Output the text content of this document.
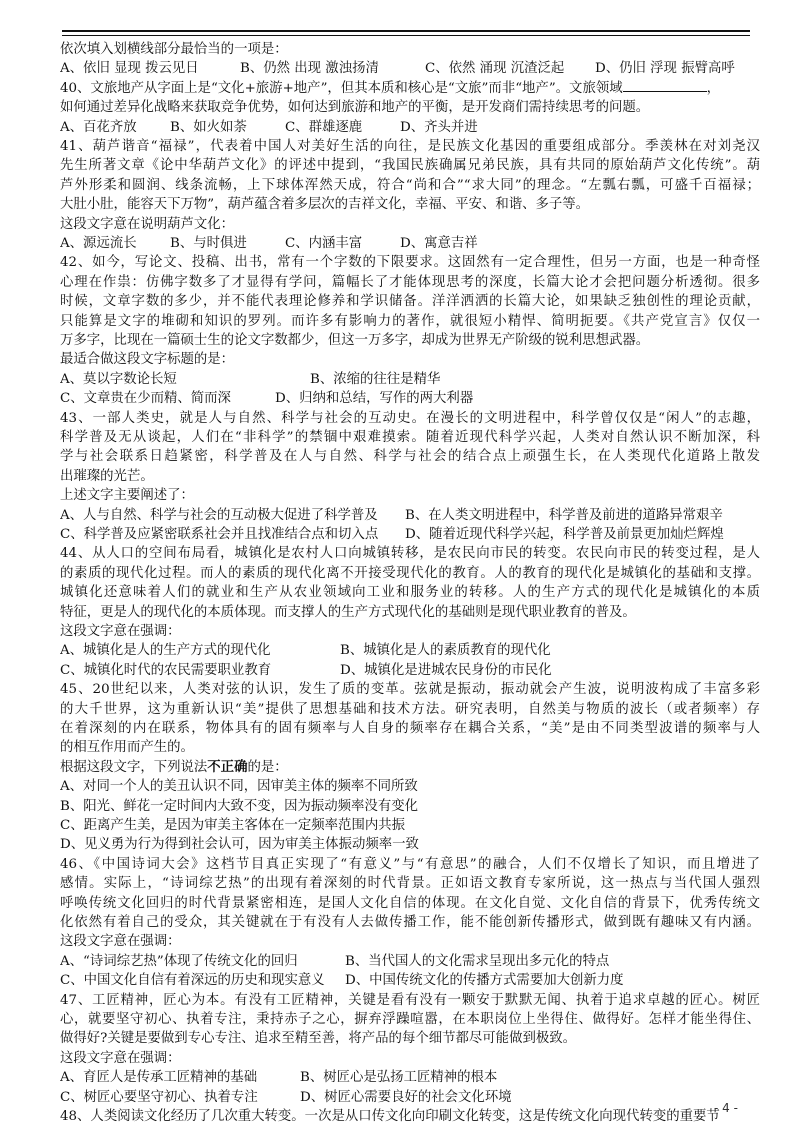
依次填入划横线部分最恰当的一项是：
A、依旧 显现 拨云见日	B、仍然 出现 激浊扬清	C、依然 涌现 沉渣泛起	D、仍旧 浮现 振臂高呼
40、文旅地产从字面上是“文化+旅游+地产”，但其本质和核心是“文旅”而非“地产”。文旅领域	，
如何通过差异化战略来获取竞争优势，如何达到旅游和地产的平衡，是开发商们需持续思考的问题。
A、百花齐放	B、如火如荼	C、群雄逐鹿	D、齐头并进
41、葫芦谐音“福禄”，代表着中国人对美好生活的向往，是民族文化基因的重要组成部分。季羡林在对刘尧汉
先生所著文章《论中华葫芦文化》的评述中提到，“我国民族确属兄弟民族，具有共同的原始葫芦文化传统”。葫
芦外形柔和圆润、线条流畅，上下球体浑然天成，符合“尚和合”“求大同”的理念。“左瓢右瓢，可盛千百福禄；
大肚小肚，能容天下万物”，葫芦蕴含着多层次的吉祥文化，幸福、平安、和谐、多子等。
这段文字意在说明葫芦文化：
A、源远流长	B、与时俱进	C、内涵丰富	D、寓意吉祥
42、如今，写论文、投稿、出书，常有一个字数的下限要求。这固然有一定合理性，但另一方面，也是一种奇怪
心理在作祟：仿佛字数多了才显得有学问，篇幅长了才能体现思考的深度，长篇大论才会把问题分析透彻。很多
时候，文章字数的多少，并不能代表理论修养和学识储备。洋洋洒洒的长篇大论，如果缺乏独创性的理论贡献，
只能算是文字的堆砌和知识的罗列。而许多有影响力的著作，就很短小精悍、简明扼要。《共产党宣言》仅仅一
万多字，比现在一篇硕士生的论文字数都少，但这一万多字，却成为世界无产阶级的锐利思想武器。
最适合做这段文字标题的是：
A、莫以字数论长短	B、浓缩的往往是精华
C、文章贵在少而精、简而深	D、归纳和总结，写作的两大利器
43、一部人类史，就是人与自然、科学与社会的互动史。在漫长的文明进程中，科学曾仅仅是“闲人”的志趣，
科学普及无从谈起，人们在“非科学”的禁锢中艰难摸索。随着近现代科学兴起，人类对自然认识不断加深，科
学与社会联系日趋紧密，科学普及在人与自然、科学与社会的结合点上顽强生长，在人类现代化道路上散发
出璀璨的光芒。
上述文字主要阐述了：
A、人与自然、科学与社会的互动极大促进了科学普及	B、在人类文明进程中，科学普及前进的道路异常艰辛
C、科学普及应紧密联系社会并且找准结合点和切入点	D、随着近现代科学兴起，科学普及前景更加灿烂辉煌
44、从人口的空间布局看，城镇化是农村人口向城镇转移，是农民向市民的转变。农民向市民的转变过程，是人
的素质的现代化过程。而人的素质的现代化离不开接受现代化的教育。人的教育的现代化是城镇化的基础和支撑。
城镇化还意味着人们的就业和生产从农业领域向工业和服务业的转移。人的生产方式的现代化是城镇化的本质
特征，更是人的现代化的本质体现。而支撑人的生产方式现代化的基础则是现代职业教育的普及。
这段文字意在强调：
A、城镇化是人的生产方式的现代化	B、城镇化是人的素质教育的现代化
C、城镇化时代的农民需要职业教育	D、城镇化是进城农民身份的市民化
45、20世纪以来，人类对弦的认识，发生了质的变革。弦就是振动，振动就会产生波，说明波构成了丰富多彩
的大千世界，这为重新认识“美”提供了思想基础和技术方法。研究表明，自然美与物质的波长（或者频率）存
在着深刻的内在联系，物体具有的固有频率与人自身的频率存在耦合关系，“美”是由不同类型波谱的频率与人
的相互作用而产生的。
根据这段文字，下列说法不正确的是：
A、对同一个人的美丑认识不同，因审美主体的频率不同所致
B、阳光、鲜花一定时间内大致不变，因为振动频率没有变化
C、距离产生美，是因为审美主客体在一定频率范围内共振
D、见义勇为行为得到社会认可，因为审美主体振动频率一致
46、《中国诗词大会》这档节目真正实现了“有意义”与“有意思”的融合，人们不仅增长了知识，而且增进了
感情。实际上，“诗词综艺热”的出现有着深刻的时代背景。正如语文教育专家所说，这一热点与当代国人强烈
呼唤传统文化回归的时代背景紧密相连，是国人文化自信的体现。在文化自觉、文化自信的背景下，优秀传统文
化依然有着自己的受众，其关键就在于有没有人去做传播工作，能不能创新传播形式，做到既有趣味又有内涵。
这段文字意在强调：
A、“诗词综艺热”体现了传统文化的回归	B、当代国人的文化需求呈现出多元化的特点
C、中国文化自信有着深远的历史和现实意义	D、中国传统文化的传播方式需要加大创新力度
47、工匠精神，匠心为本。有没有工匠精神，关键是看有没有一颗安于默默无闻、执着于追求卓越的匠心。树匠
心，就要坚守初心、执着专注，秉持赤子之心，摒弃浮躁喧嚣，在本职岗位上坐得住、做得好。怎样才能坐得住、
做得好?关键是要做到专心专注、追求至精至善，将产品的每个细节都尽可能做到极致。
这段文字意在强调：
A、育匠人是传承工匠精神的基础	B、树匠心是弘扬工匠精神的根本
C、树匠心要坚守初心、执着专注	D、树匠心需要良好的社会文化环境
48、人类阅读文化经历了几次重大转变。一次是从口传文化向印刷文化转变，这是传统文化向现代转变的重要节
- 4 -
